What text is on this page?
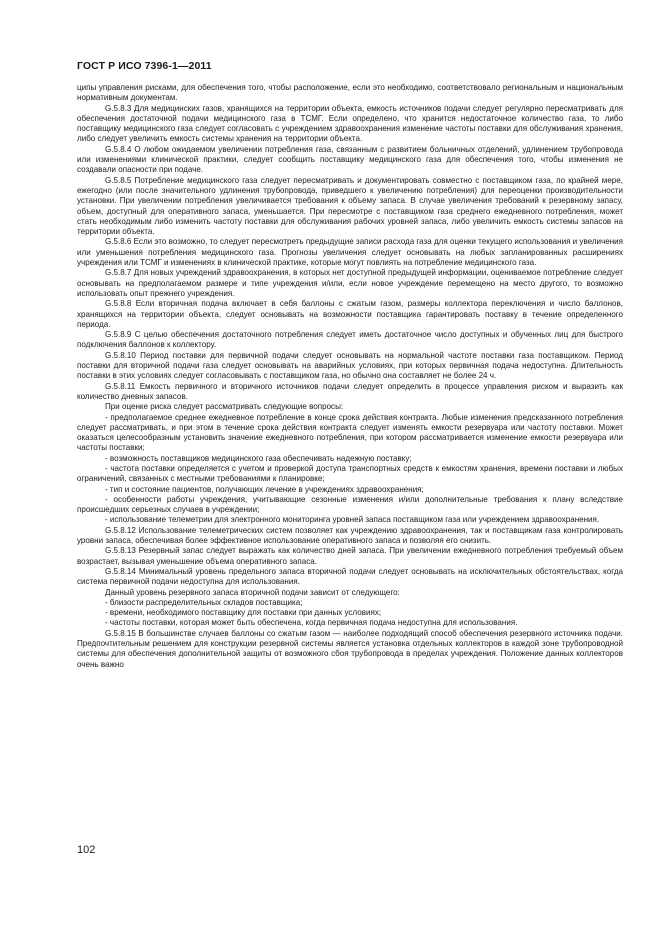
ГОСТ Р ИСО 7396-1—2011

ципы управления рисками, для обеспечения того, чтобы расположение, если это необходимо, соответствовало региональным и национальным нормативным документам.

G.5.8.3 Для медицинских газов, хранящихся на территории объекта, емкость источников подачи следует регулярно пересматривать для обеспечения достаточной подачи медицинского газа в ТСМГ. Если определено, что хранится недостаточное количество газа, то либо поставщику медицинского газа следует согласовать с учреждением здравоохранения изменение частоты поставки для обслуживания хранения, либо следует увеличить емкость системы хранения на территории объекта.

G.5.8.4 О любом ожидаемом увеличении потребления газа, связанным с развитием больничных отделений, удлинением трубопровода или изменениями клинической практики, следует сообщить поставщику медицинского газа для обеспечения того, чтобы изменения не создавали опасности при подаче.

G.5.8.5 Потребление медицинского газа следует пересматривать и документировать совместно с поставщиком газа, по крайней мере, ежегодно (или после значительного удлинения трубопровода, приведшего к увеличению потребления) для переоценки производительности установки. При увеличении потребления увеличивается требования к объему запаса. В случае увеличения требований к резервному запасу, объем, доступный для оперативного запаса, уменьшается. При пересмотре с поставщиком газа среднего ежедневного потребления, может стать необходимым либо изменить частоту поставки для обслуживания рабочих уровней запаса, либо увеличить емкость системы запасов на территории объекта.

G.5.8.6 Если это возможно, то следует пересмотреть предыдущие записи расхода газа для оценки текущего использования и увеличения или уменьшения потребления медицинского газа. Прогнозы увеличения следует основывать на любых запланированных расширениях учреждения или ТСМГ и изменениях в клинической практике, которые могут повлиять на потребление медицинского газа.

G.5.8.7 Для новых учреждений здравоохранения, в которых нет доступной предыдущей информации, оцениваемое потребление следует основывать на предполагаемом размере и типе учреждения и/или, если новое учреждение перемещено на место другого, то возможно использовать опыт прежнего учреждения.

G.5.8.8 Если вторичная подача включает в себя баллоны с сжатым газом, размеры коллектора переключения и число баллонов, хранящихся на территории объекта, следует основывать на возможности поставщика гарантировать поставку в течение определенного периода.

G.5.8.9 С целью обеспечения достаточного потребления следует иметь достаточное число доступных и обученных лиц для быстрого подключения баллонов к коллектору.

G.5.8.10 Период поставки для первичной подачи следует основывать на нормальной частоте поставки газа поставщиком. Период поставки для вторичной подачи газа следует основывать на аварийных условиях, при которых первичная подача недоступна. Длительность поставки в этих условиях следует согласовывать с поставщиком газа, но обычно она составляет не более 24 ч.

G.5.8.11 Емкость первичного и вторичного источников подачи следует определить в процессе управления риском и выразить как количество дневных запасов.

При оценке риска следует рассматривать следующие вопросы:

- предполагаемое среднее ежедневное потребление в конце срока действия контракта. Любые изменения предсказанного потребления следует рассматривать, и при этом в течение срока действия контракта следует изменять емкости резервуара или частоту поставки. Может оказаться целесообразным установить значение ежедневного потребления, при котором рассматривается изменение емкости резервуара или частоты поставки;

- возможность поставщиков медицинского газа обеспечивать надежную поставку;

- частота поставки определяется с учетом и проверкой доступа транспортных средств к емкостям хранения, времени поставки и любых ограничений, связанных с местными требованиями к планировке;

- тип и состояние пациентов, получающих лечение в учреждениях здравоохранения;

- особенности работы учреждения, учитывающие сезонные изменения и/или дополнительные требования к плану вследствие происшедших серьезных случаев в учреждении;

- использование телеметрии для электронного мониторинга уровней запаса поставщиком газа или учреждением здравоохранения.

G.5.8.12 Использование телеметрических систем позволяет как учреждению здравоохранения, так и поставщикам газа контролировать уровни запаса, обеспечивая более эффективное использование оперативного запаса и позволяя его снизить.

G.5.8.13 Резервный запас следует выражать как количество дней запаса. При увеличении ежедневного потребления требуемый объем возрастает, вызывая уменьшение объема оперативного запаса.

G.5.8.14 Минимальный уровень предельного запаса вторичной подачи следует основывать на исключительных обстоятельствах, когда система первичной подачи недоступна для использования.

Данный уровень резервного запаса вторичной подачи зависит от следующего:

- близости распределительных складов поставщика;

- времени, необходимого поставщику для поставки при данных условиях;

- частоты поставки, которая может быть обеспечена, когда первичная подача недоступна для использования.

G.5.8.15 В большинстве случаев баллоны со сжатым газом — наиболее подходящий способ обеспечения резервного источника подачи. Предпочтительным решением для конструкции резервной системы является установка отдельных коллекторов в каждой зоне трубопроводной системы для обеспечения дополнительной защиты от возможного сбоя трубопровода в пределах учреждения. Положение данных коллекторов очень важно

102
